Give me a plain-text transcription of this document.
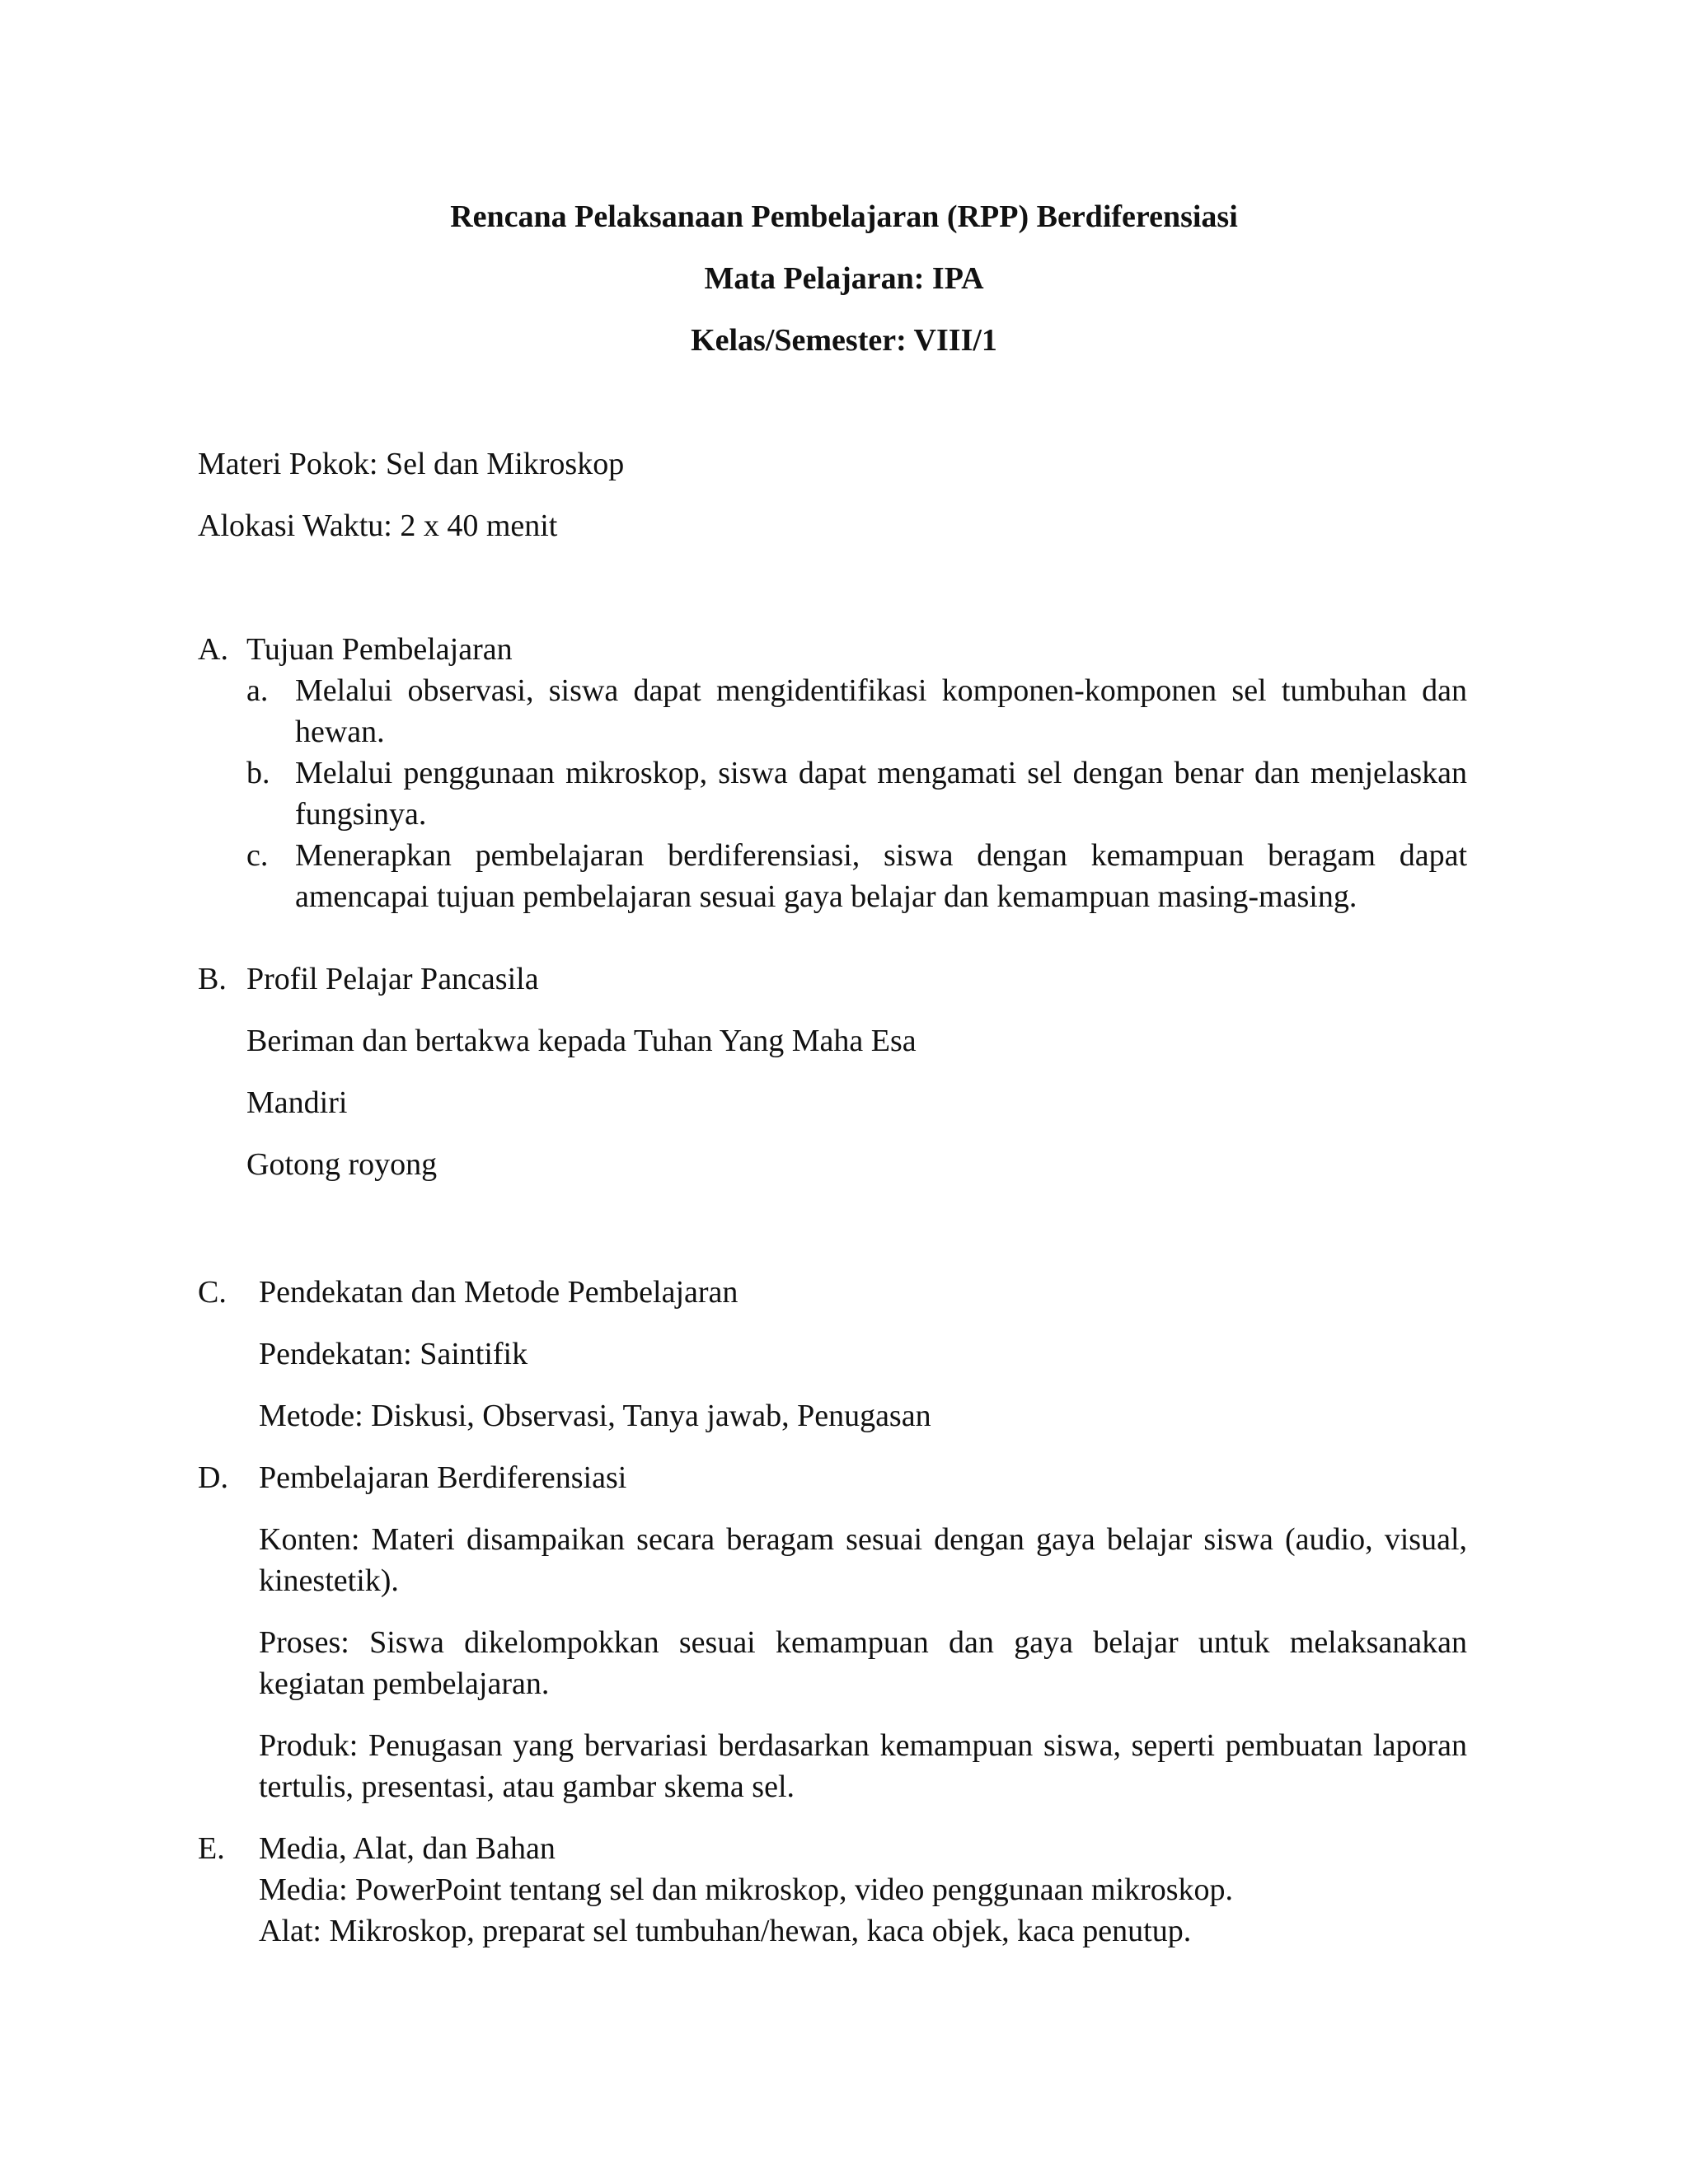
Rencana Pelaksanaan Pembelajaran (RPP) Berdiferensiasi
Mata Pelajaran: IPA
Kelas/Semester: VIII/1
Materi Pokok: Sel dan Mikroskop
Alokasi Waktu: 2 x 40 menit
A. Tujuan Pembelajaran
a. Melalui observasi, siswa dapat mengidentifikasi komponen-komponen sel tumbuhan dan hewan.
b. Melalui penggunaan mikroskop, siswa dapat mengamati sel dengan benar dan menjelaskan fungsinya.
c. Menerapkan pembelajaran berdiferensiasi, siswa dengan kemampuan beragam dapat amencapai tujuan pembelajaran sesuai gaya belajar dan kemampuan masing-masing.
B. Profil Pelajar Pancasila
Beriman dan bertakwa kepada Tuhan Yang Maha Esa
Mandiri
Gotong royong
C. Pendekatan dan Metode Pembelajaran
Pendekatan: Saintifik
Metode: Diskusi, Observasi, Tanya jawab, Penugasan
D. Pembelajaran Berdiferensiasi
Konten: Materi disampaikan secara beragam sesuai dengan gaya belajar siswa (audio, visual, kinestetik).
Proses: Siswa dikelompokkan sesuai kemampuan dan gaya belajar untuk melaksanakan kegiatan pembelajaran.
Produk: Penugasan yang bervariasi berdasarkan kemampuan siswa, seperti pembuatan laporan tertulis, presentasi, atau gambar skema sel.
E. Media, Alat, dan Bahan
Media: PowerPoint tentang sel dan mikroskop, video penggunaan mikroskop.
Alat: Mikroskop, preparat sel tumbuhan/hewan, kaca objek, kaca penutup.
